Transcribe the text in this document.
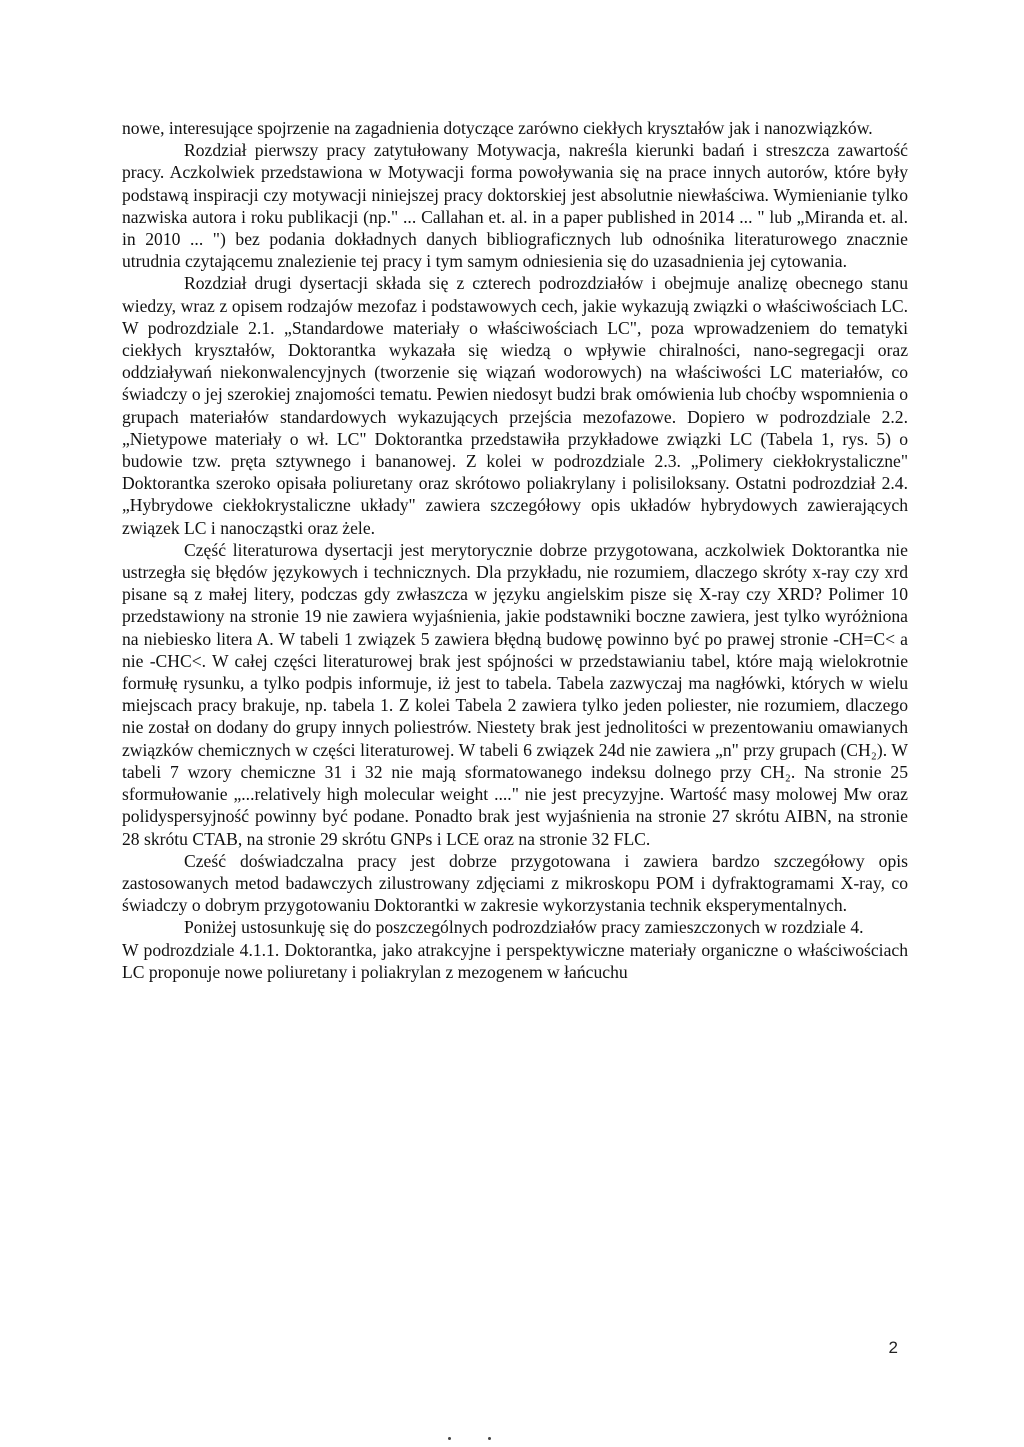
nowe, interesujące spojrzenie na zagadnienia dotyczące zarówno ciekłych kryształów jak i nanozwiązków.

Rozdział pierwszy pracy zatytułowany Motywacja, nakreśla kierunki badań i streszcza zawartość pracy. Aczkolwiek przedstawiona w Motywacji forma powoływania się na prace innych autorów, które były podstawą inspiracji czy motywacji niniejszej pracy doktorskiej jest absolutnie niewłaściwa. Wymienianie tylko nazwiska autora i roku publikacji (np." ... Callahan et. al. in a paper published in 2014 ... " lub „Miranda et. al. in 2010 ... ") bez podania dokładnych danych bibliograficznych lub odnośnika literaturowego znacznie utrudnia czytającemu znalezienie tej pracy i tym samym odniesienia się do uzasadnienia jej cytowania.

Rozdział drugi dysertacji składa się z czterech podrozdziałów i obejmuje analizę obecnego stanu wiedzy, wraz z opisem rodzajów mezofaz i podstawowych cech, jakie wykazują związki o właściwościach LC. W podrozdziale 2.1. „Standardowe materiały o właściwościach LC", poza wprowadzeniem do tematyki ciekłych kryształów, Doktorantka wykazała się wiedzą o wpływie chiralności, nano-segregacji oraz oddziaływań niekonwalencyjnych (tworzenie się wiązań wodorowych) na właściwości LC materiałów, co świadczy o jej szerokiej znajomości tematu. Pewien niedosyt budzi brak omówienia lub choćby wspomnienia o grupach materiałów standardowych wykazujących przejścia mezofazowe. Dopiero w podrozdziale 2.2. „Nietypowe materiały o wł. LC" Doktorantka przedstawiła przykładowe związki LC (Tabela 1, rys. 5) o budowie tzw. pręta sztywnego i bananowej. Z kolei w podrozdziale 2.3. „Polimery ciekłokrystaliczne" Doktorantka szeroko opisała poliuretany oraz skrótowo poliakrylany i polisiloksany. Ostatni podrozdział 2.4. „Hybrydowe ciekłokrystaliczne układy" zawiera szczegółowy opis układów hybrydowych zawierających związek LC i nanocząstki oraz żele.

Część literaturowa dysertacji jest merytorycznie dobrze przygotowana, aczkolwiek Doktorantka nie ustrzegła się błędów językowych i technicznych. Dla przykładu, nie rozumiem, dlaczego skróty x-ray czy xrd pisane są z małej litery, podczas gdy zwłaszcza w języku angielskim pisze się X-ray czy XRD? Polimer 10 przedstawiony na stronie 19 nie zawiera wyjaśnienia, jakie podstawniki boczne zawiera, jest tylko wyróżniona na niebiesko litera A. W tabeli 1 związek 5 zawiera błędną budowę powinno być po prawej stronie -CH=C< a nie -CHC<. W całej części literaturowej brak jest spójności w przedstawianiu tabel, które mają wielokrotnie formułę rysunku, a tylko podpis informuje, iż jest to tabela. Tabela zazwyczaj ma nagłówki, których w wielu miejscach pracy brakuje, np. tabela 1. Z kolei Tabela 2 zawiera tylko jeden poliester, nie rozumiem, dlaczego nie został on dodany do grupy innych poliestrów. Niestety brak jest jednolitości w prezentowaniu omawianych związków chemicznych w części literaturowej. W tabeli 6 związek 24d nie zawiera „n" przy grupach (CH₂). W tabeli 7 wzory chemiczne 31 i 32 nie mają sformatowanego indeksu dolnego przy CH₂. Na stronie 25 sformułowanie „...relatively high molecular weight ...." nie jest precyzyjne. Wartość masy molowej Mw oraz polidyspersyjność powinny być podane. Ponadto brak jest wyjaśnienia na stronie 27 skrótu AIBN, na stronie 28 skrótu CTAB, na stronie 29 skrótu GNPs i LCE oraz na stronie 32 FLC.

Cześć doświadczalna pracy jest dobrze przygotowana i zawiera bardzo szczegółowy opis zastosowanych metod badawczych zilustrowany zdjęciami z mikroskopu POM i dyfraktogramami X-ray, co świadczy o dobrym przygotowaniu Doktorantki w zakresie wykorzystania technik eksperymentalnych.

Poniżej ustosunkuję się do poszczególnych podrozdziałów pracy zamieszczonych w rozdziale 4.

W podrozdziale 4.1.1. Doktorantka, jako atrakcyjne i perspektywiczne materiały organiczne o właściwościach LC proponuje nowe poliuretany i poliakrylan z mezogenem w łańcuchu

2
